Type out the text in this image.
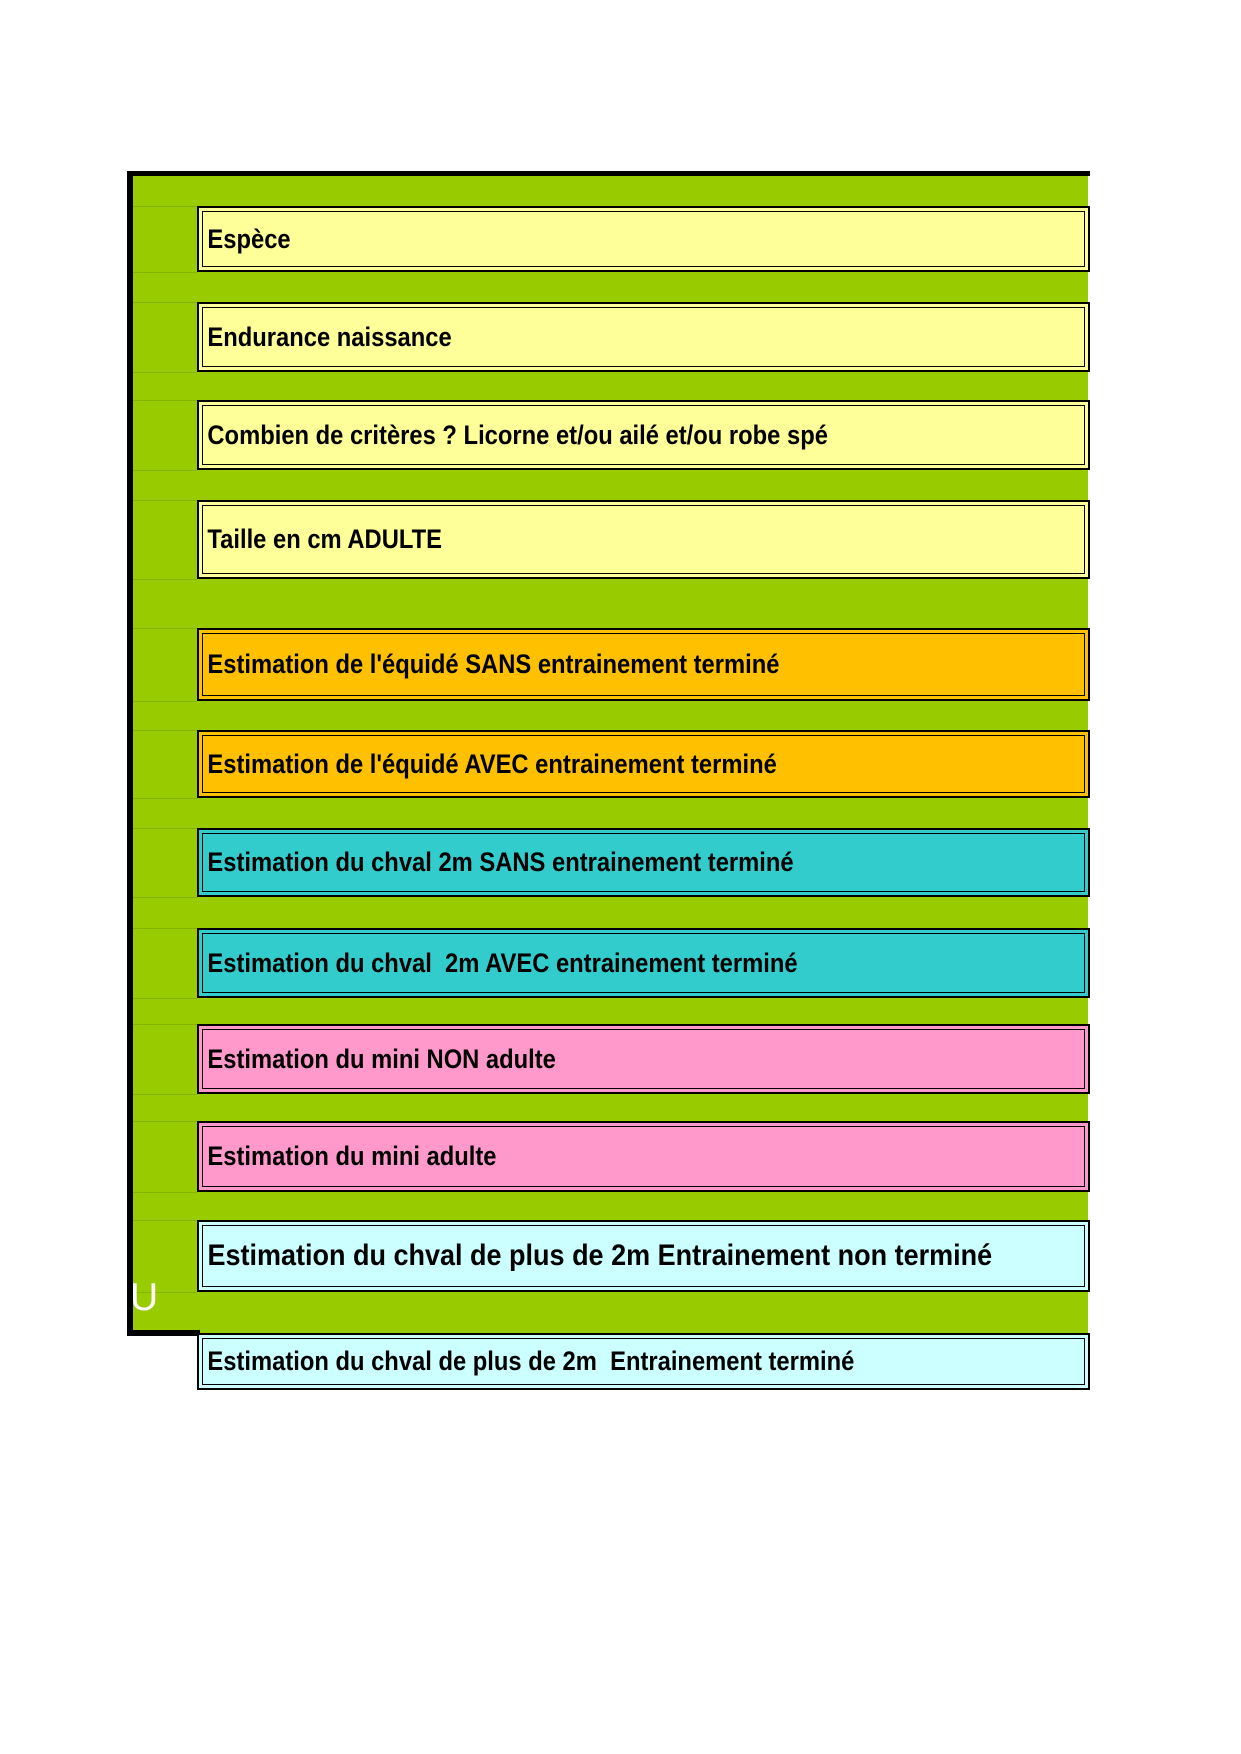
Espèce
Endurance naissance
Combien de critères ? Licorne et/ou ailé et/ou robe spé
Taille en cm ADULTE
Estimation de l'équidé SANS entrainement terminé
Estimation de l'équidé AVEC entrainement terminé
Estimation du chval 2m SANS entrainement terminé
Estimation du chval  2m AVEC entrainement terminé
Estimation du mini NON adulte
Estimation du mini adulte
Estimation du chval de plus de 2m Entrainement non terminé
Estimation du chval de plus de 2m  Entrainement terminé
U
